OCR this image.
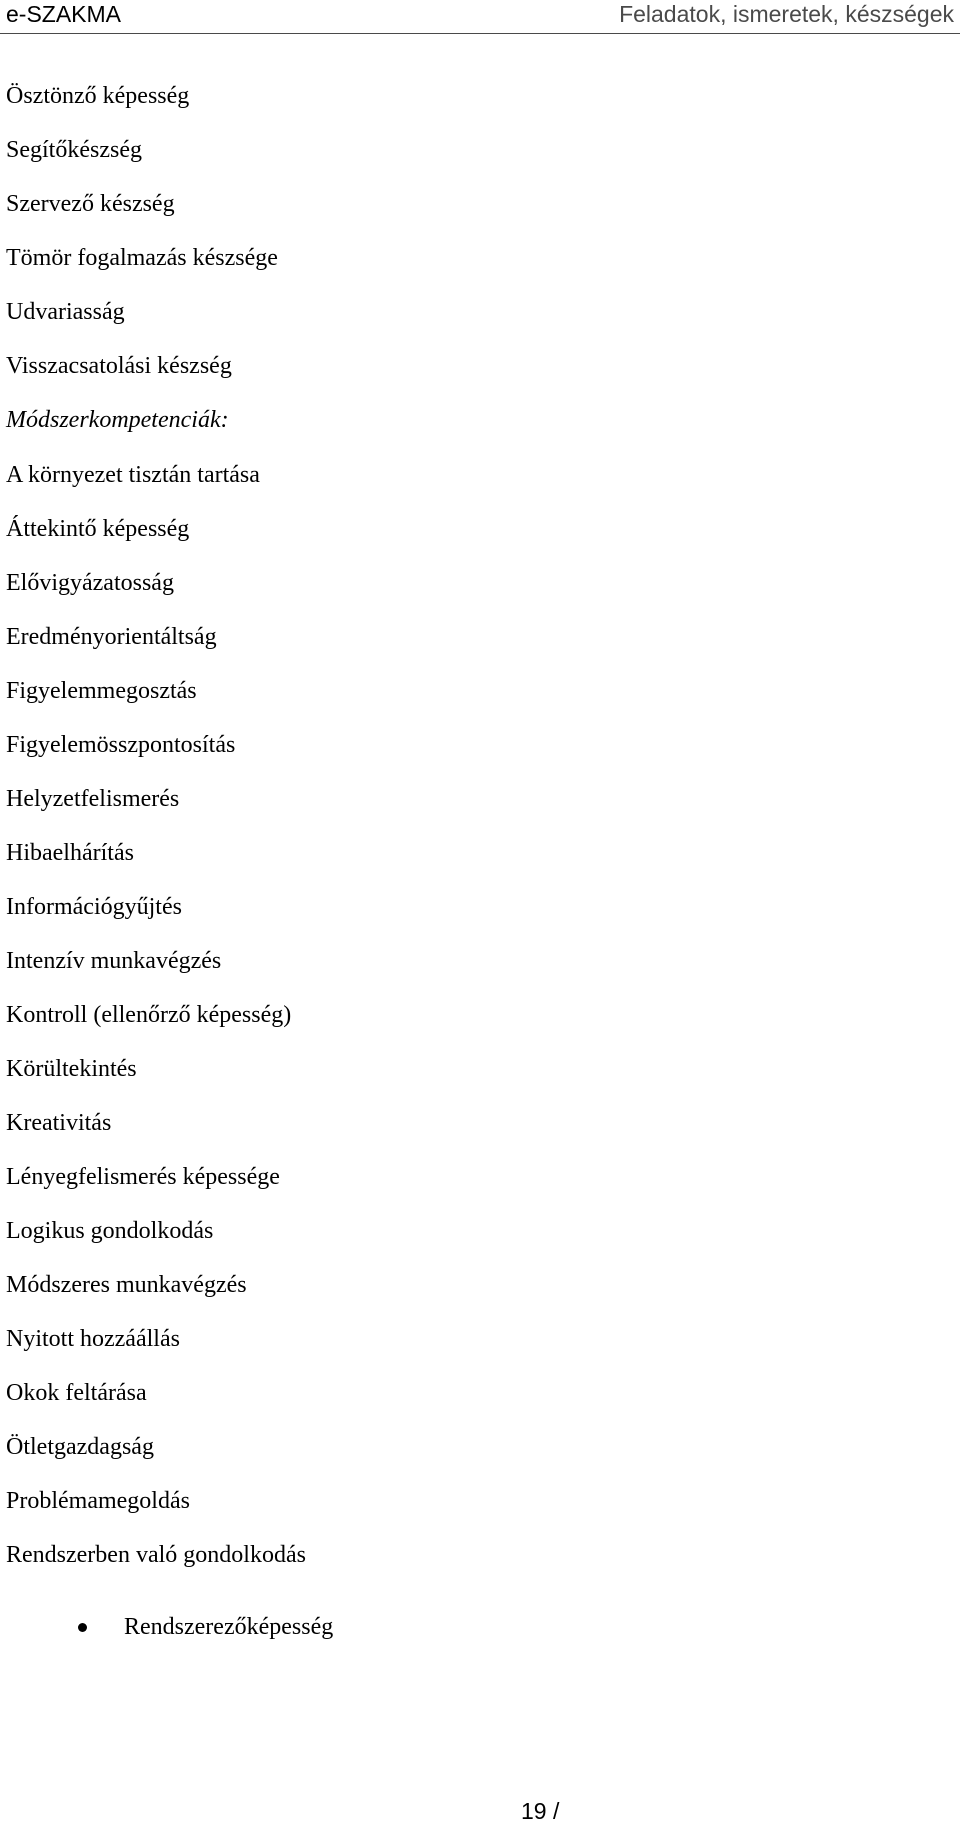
e-SZAKMA	Feladatok, ismeretek, készségek
Ösztönző képesség
Segítőkészség
Szervező készség
Tömör fogalmazás készsége
Udvariasság
Visszacsatolási készség
Módszerkompetenciák:
A környezet tisztán tartása
Áttekintő képesség
Elővigyázatosság
Eredményorientáltság
Figyelemmegosztás
Figyelemösszpontosítás
Helyzetfelismerés
Hibaelhárítás
Információgyűjtés
Intenzív munkavégzés
Kontroll (ellenőrző képesség)
Körültekintés
Kreativitás
Lényegfelismerés képessége
Logikus gondolkodás
Módszeres munkavégzés
Nyitott hozzáállás
Okok feltárása
Ötletgazdagság
Problémamegoldás
Rendszerben való gondolkodás
Rendszerezőképesség
19 /
